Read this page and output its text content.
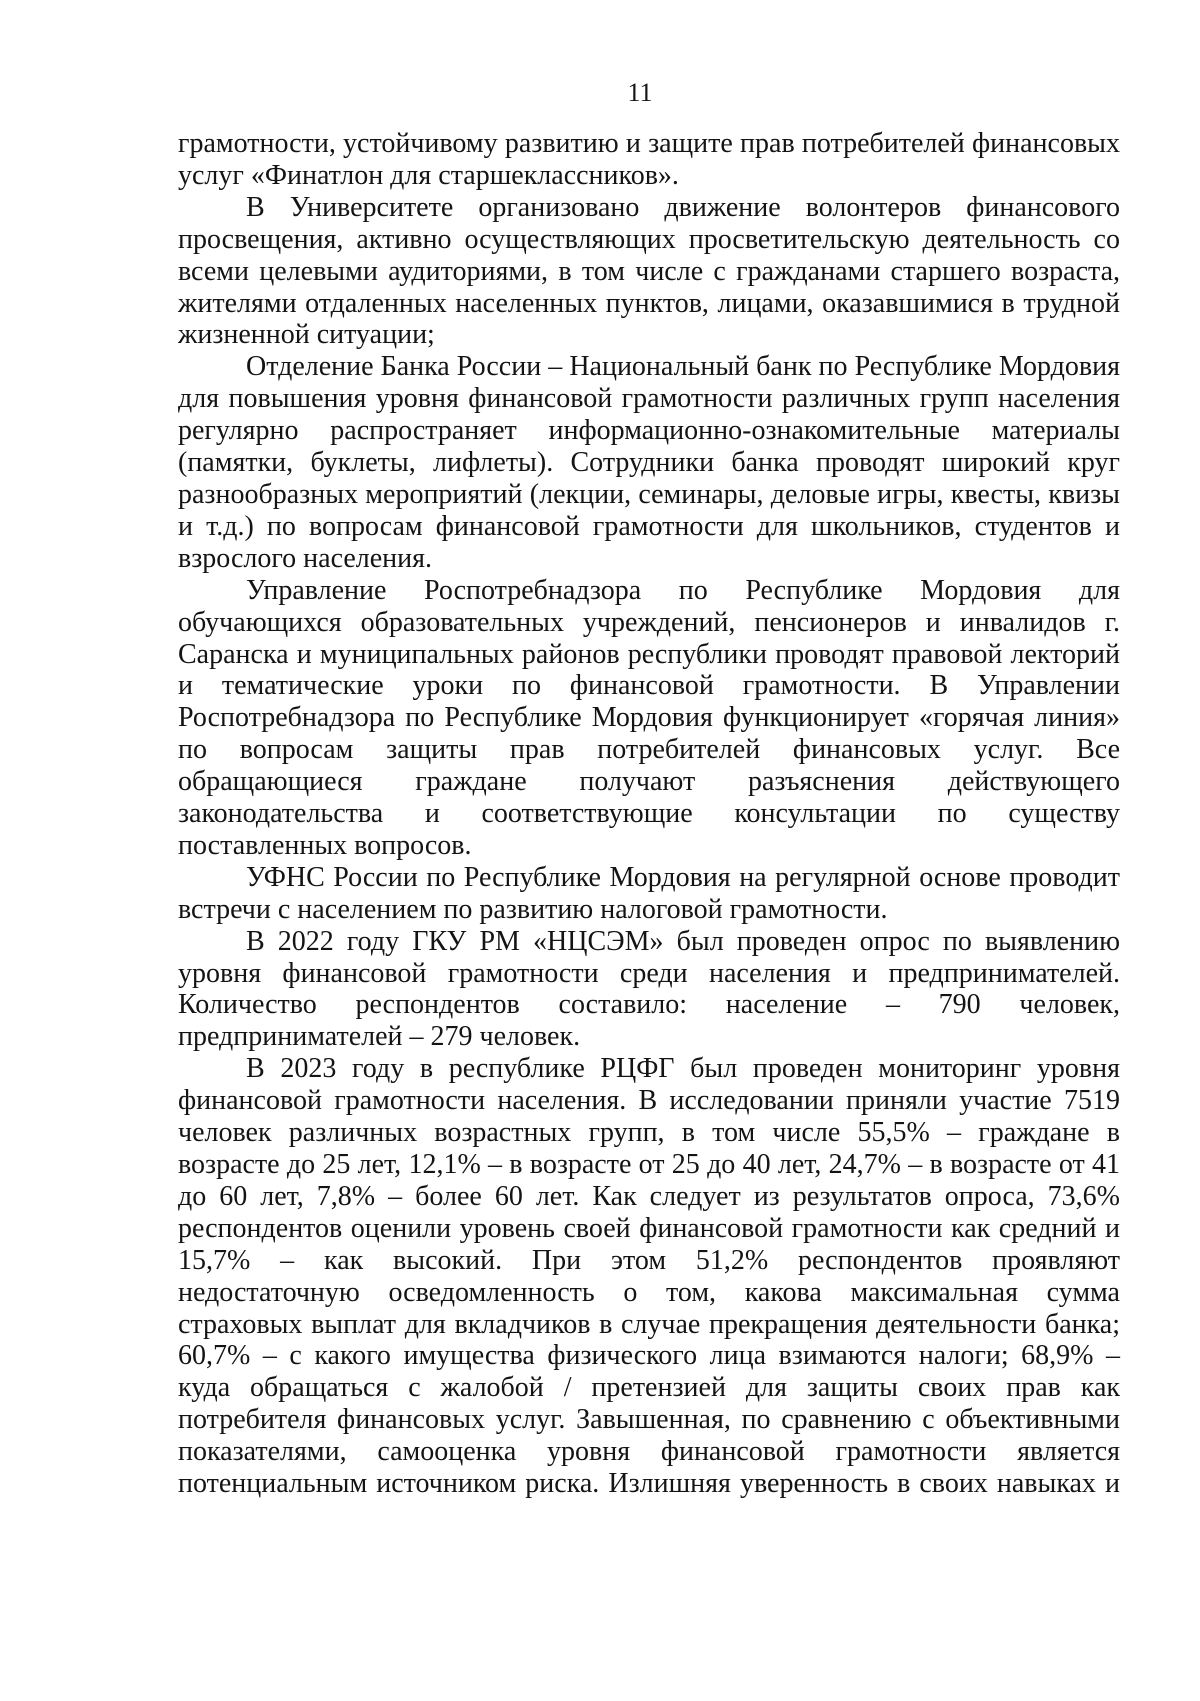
11

грамотности, устойчивому развитию и защите прав потребителей финансовых услуг «Финатлон для старшеклассников».

В Университете организовано движение волонтеров финансового просвещения, активно осуществляющих просветительскую деятельность со всеми целевыми аудиториями, в том числе с гражданами старшего возраста, жителями отдаленных населенных пунктов, лицами, оказавшимися в трудной жизненной ситуации;

Отделение Банка России – Национальный банк по Республике Мордовия для повышения уровня финансовой грамотности различных групп населения регулярно распространяет информационно-ознакомительные материалы (памятки, буклеты, лифлеты). Сотрудники банка проводят широкий круг разнообразных мероприятий (лекции, семинары, деловые игры, квесты, квизы и т.д.) по вопросам финансовой грамотности для школьников, студентов и взрослого населения.

Управление Роспотребнадзора по Республике Мордовия для обучающихся образовательных учреждений, пенсионеров и инвалидов г. Саранска и муниципальных районов республики проводят правовой лекторий и тематические уроки по финансовой грамотности. В Управлении Роспотребнадзора по Республике Мордовия функционирует «горячая линия» по вопросам защиты прав потребителей финансовых услуг. Все обращающиеся граждане получают разъяснения действующего законодательства и соответствующие консультации по существу поставленных вопросов.

УФНС России по Республике Мордовия на регулярной основе проводит встречи с населением по развитию налоговой грамотности.

В 2022 году ГКУ РМ «НЦСЭМ» был проведен опрос по выявлению уровня финансовой грамотности среди населения и предпринимателей. Количество респондентов составило: население – 790 человек, предпринимателей – 279 человек.

В 2023 году в республике РЦФГ был проведен мониторинг уровня финансовой грамотности населения. В исследовании приняли участие 7519 человек различных возрастных групп, в том числе 55,5% – граждане в возрасте до 25 лет, 12,1% – в возрасте от 25 до 40 лет, 24,7% – в возрасте от 41 до 60 лет, 7,8% – более 60 лет. Как следует из результатов опроса, 73,6% респондентов оценили уровень своей финансовой грамотности как средний и 15,7% – как высокий. При этом 51,2% респондентов проявляют недостаточную осведомленность о том, какова максимальная сумма страховых выплат для вкладчиков в случае прекращения деятельности банка; 60,7% – с какого имущества физического лица взимаются налоги; 68,9% – куда обращаться с жалобой / претензией для защиты своих прав как потребителя финансовых услуг. Завышенная, по сравнению с объективными показателями, самооценка уровня финансовой грамотности является потенциальным источником риска. Излишняя уверенность в своих навыках и
